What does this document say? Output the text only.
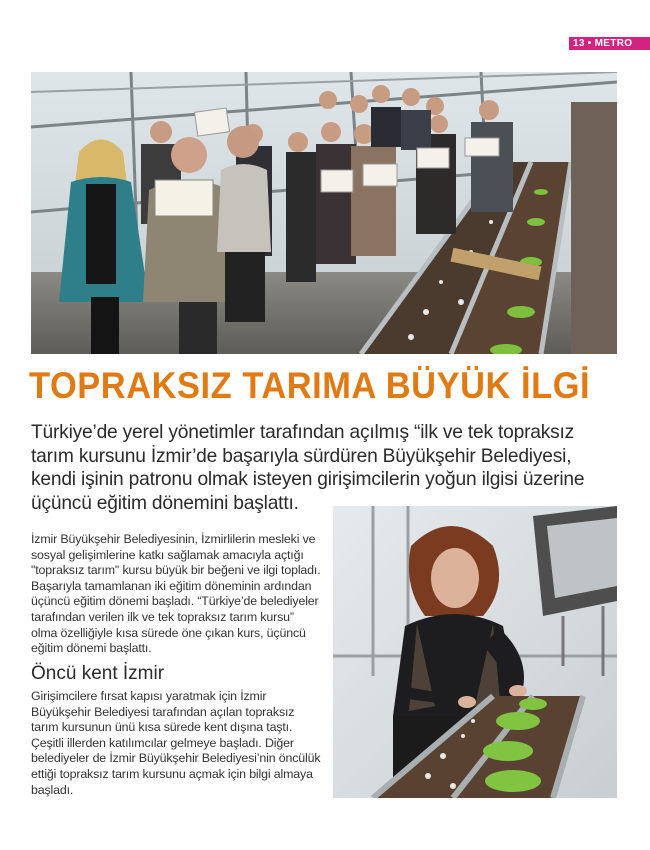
13 • METRO
TOPRAKSIZ TARIMA BÜYÜK İLGİ
Türkiye’de yerel yönetimler tarafından açılmış “ilk ve tek topraksız tarım kursunu İzmir’de başarıyla sürdüren Büyükşehir Belediyesi, kendi işinin patronu olmak isteyen girişimcilerin yoğun ilgisi üzerine üçüncü eğitim dönemini başlattı.
İzmir Büyükşehir Belediyesinin, İzmirlilerin mesleki ve sosyal gelişimlerine katkı sağlamak amacıyla açtığı "topraksız tarım" kursu büyük bir beğeni ve ilgi topladı. Başarıyla tamamlanan iki eğitim döneminin ardından üçüncü eğitim dönemi başladı. “Türkiye’de belediyeler tarafından verilen ilk ve tek topraksız tarım kursu” olma özelliğiyle kısa sürede öne çıkan kurs, üçüncü eğitim dönemi başlattı.
Öncü kent İzmir
Girişimcilere fırsat kapısı yaratmak için İzmir Büyükşehir Belediyesi tarafından açılan topraksız tarım kursunun ünü kısa sürede kent dışına taştı. Çeşitli illerden katılımcılar gelmeye başladı. Diğer belediyeler de İzmir Büyükşehir Belediyesi’nin öncülük ettiği topraksız tarım kursunu açmak için bilgi almaya başladı.
